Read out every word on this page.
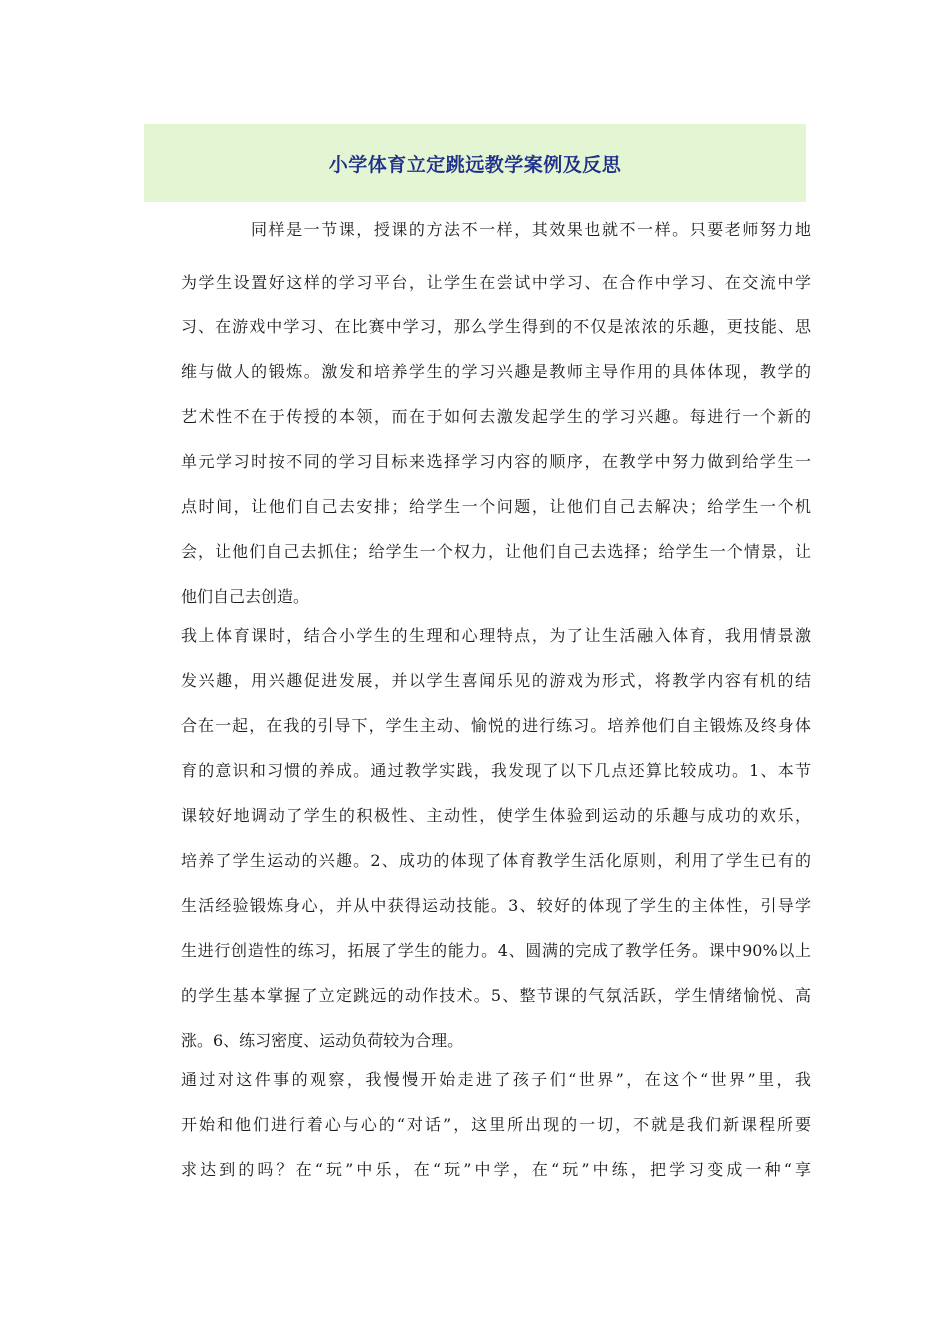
小学体育立定跳远教学案例及反思
同样是一节课，授课的方法不一样，其效果也就不一样。只要老师努力地
为学生设置好这样的学习平台，让学生在尝试中学习、在合作中学习、在交流中学
习、在游戏中学习、在比赛中学习，那么学生得到的不仅是浓浓的乐趣，更技能、思
维与做人的锻炼。激发和培养学生的学习兴趣是教师主导作用的具体体现，教学的
艺术性不在于传授的本领，而在于如何去激发起学生的学习兴趣。每进行一个新的
单元学习时按不同的学习目标来选择学习内容的顺序，在教学中努力做到给学生一
点时间，让他们自己去安排；给学生一个问题，让他们自己去解决；给学生一个机
会，让他们自己去抓住；给学生一个权力，让他们自己去选择；给学生一个情景，让
他们自己去创造。
我上体育课时，结合小学生的生理和心理特点，为了让生活融入体育，我用情景激
发兴趣，用兴趣促进发展，并以学生喜闻乐见的游戏为形式，将教学内容有机的结
合在一起，在我的引导下，学生主动、愉悦的进行练习。培养他们自主锻炼及终身体
育的意识和习惯的养成。通过教学实践，我发现了以下几点还算比较成功。1、本节
课较好地调动了学生的积极性、主动性，使学生体验到运动的乐趣与成功的欢乐，
培养了学生运动的兴趣。2、成功的体现了体育教学生活化原则，利用了学生已有的
生活经验锻炼身心，并从中获得运动技能。3、较好的体现了学生的主体性，引导学
生进行创造性的练习，拓展了学生的能力。4、圆满的完成了教学任务。课中90%以上
的学生基本掌握了立定跳远的动作技术。5、整节课的气氛活跃，学生情绪愉悦、高
涨。6、练习密度、运动负荷较为合理。
通过对这件事的观察，我慢慢开始走进了孩子们“世界”，在这个“世界”里，我
开始和他们进行着心与心的“对话”，这里所出现的一切，不就是我们新课程所要
求达到的吗？在“玩”中乐，在“玩”中学，在“玩”中练，把学习变成一种“享
